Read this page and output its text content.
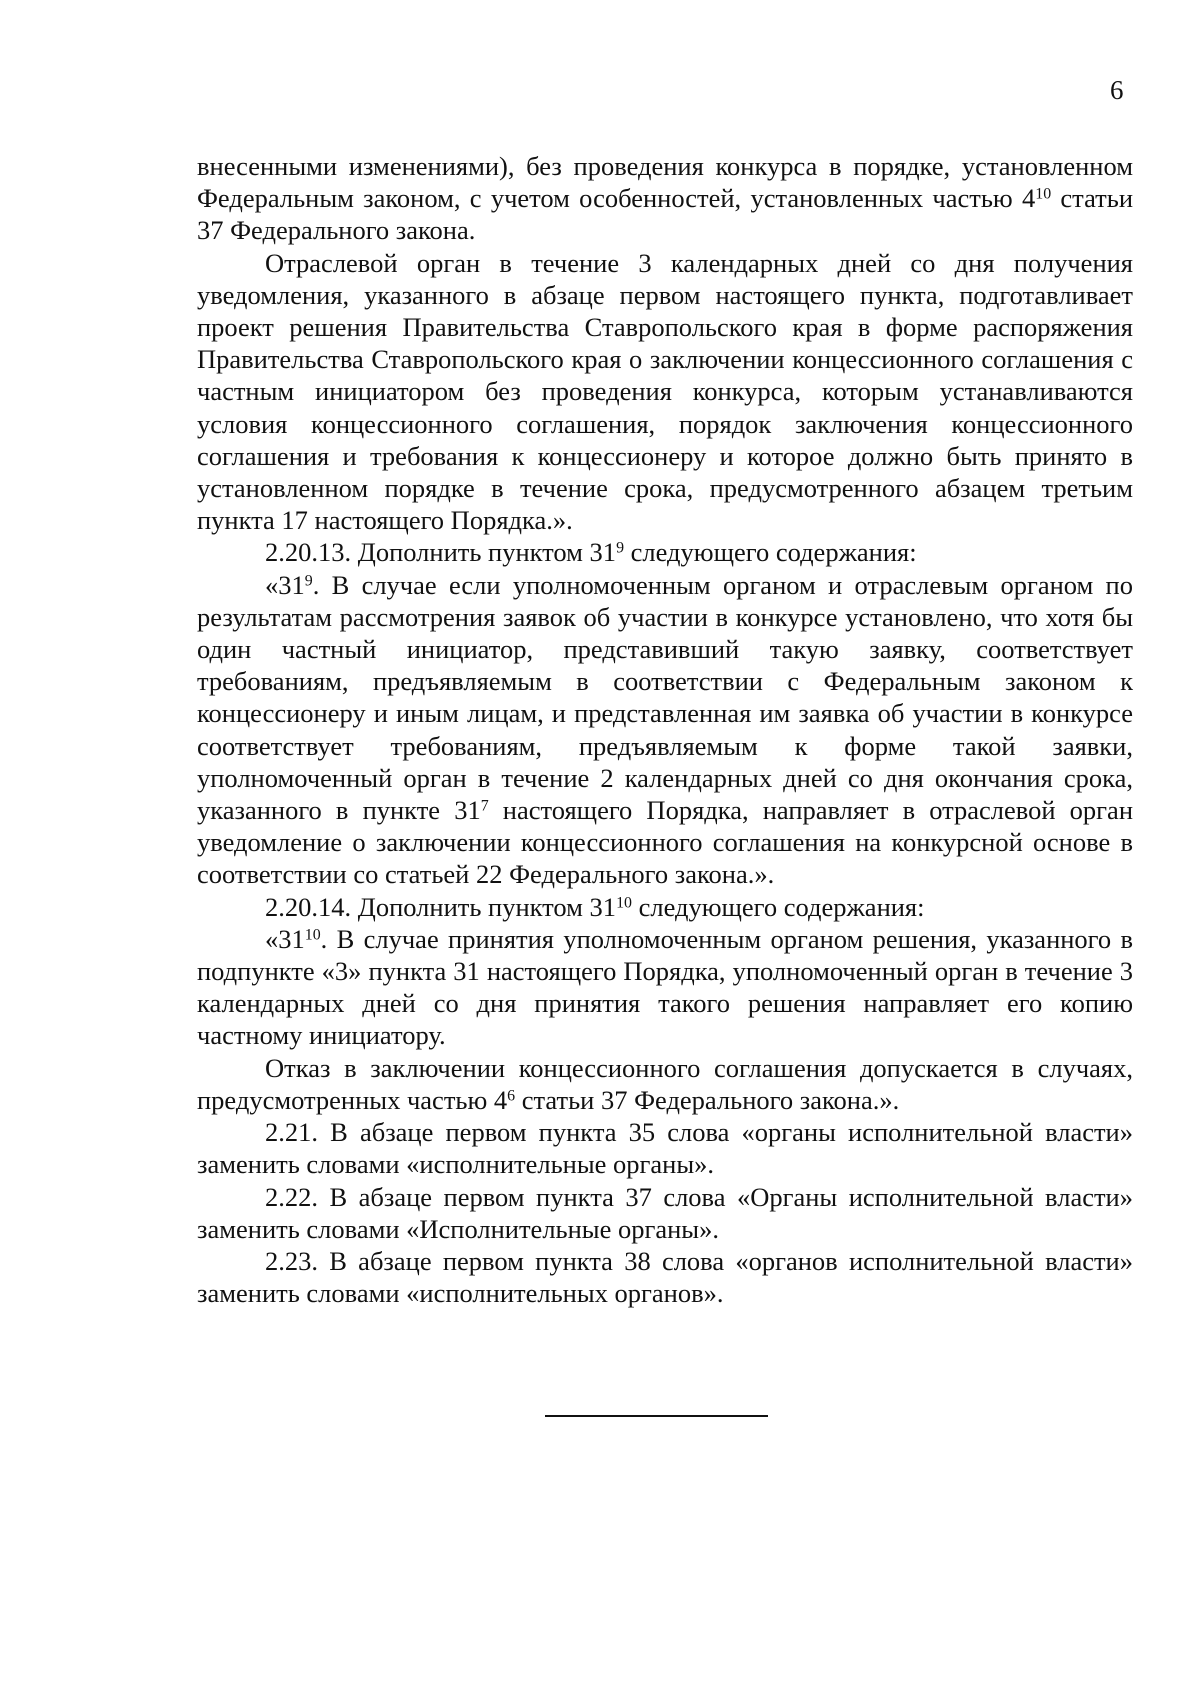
6

внесенными изменениями), без проведения конкурса в порядке, установленном Федеральным законом, с учетом особенностей, установленных частью $4^{10}$ статьи 37 Федерального закона.

Отраслевой орган в течение 3 календарных дней со дня получения уведомления, указанного в абзаце первом настоящего пункта, подготавливает проект решения Правительства Ставропольского края в форме распоряжения Правительства Ставропольского края о заключении концессионного соглашения с частным инициатором без проведения конкурса, которым устанавливаются условия концессионного соглашения, порядок заключения концессионного соглашения и требования к концессионеру и которое должно быть принято в установленном порядке в течение срока, предусмотренного абзацем третьим пункта 17 настоящего Порядка.».

2.20.13. Дополнить пунктом $31^9$ следующего содержания:

«$31^9$. В случае если уполномоченным органом и отраслевым органом по результатам рассмотрения заявок об участии в конкурсе установлено, что хотя бы один частный инициатор, представивший такую заявку, соответствует требованиям, предъявляемым в соответствии с Федеральным законом к концессионеру и иным лицам, и представленная им заявка об участии в конкурсе соответствует требованиям, предъявляемым к форме такой заявки, уполномоченный орган в течение 2 календарных дней со дня окончания срока, указанного в пункте $31^7$ настоящего Порядка, направляет в отраслевой орган уведомление о заключении концессионного соглашения на конкурсной основе в соответствии со статьей 22 Федерального закона.».

2.20.14. Дополнить пунктом $31^{10}$ следующего содержания:

«$31^{10}$. В случае принятия уполномоченным органом решения, указанного в подпункте «3» пункта 31 настоящего Порядка, уполномоченный орган в течение 3 календарных дней со дня принятия такого решения направляет его копию частному инициатору.

Отказ в заключении концессионного соглашения допускается в случаях, предусмотренных частью $4^6$ статьи 37 Федерального закона.».

2.21. В абзаце первом пункта 35 слова «органы исполнительной власти» заменить словами «исполнительные органы».

2.22. В абзаце первом пункта 37 слова «Органы исполнительной власти» заменить словами «Исполнительные органы».

2.23. В абзаце первом пункта 38 слова «органов исполнительной власти» заменить словами «исполнительных органов».
